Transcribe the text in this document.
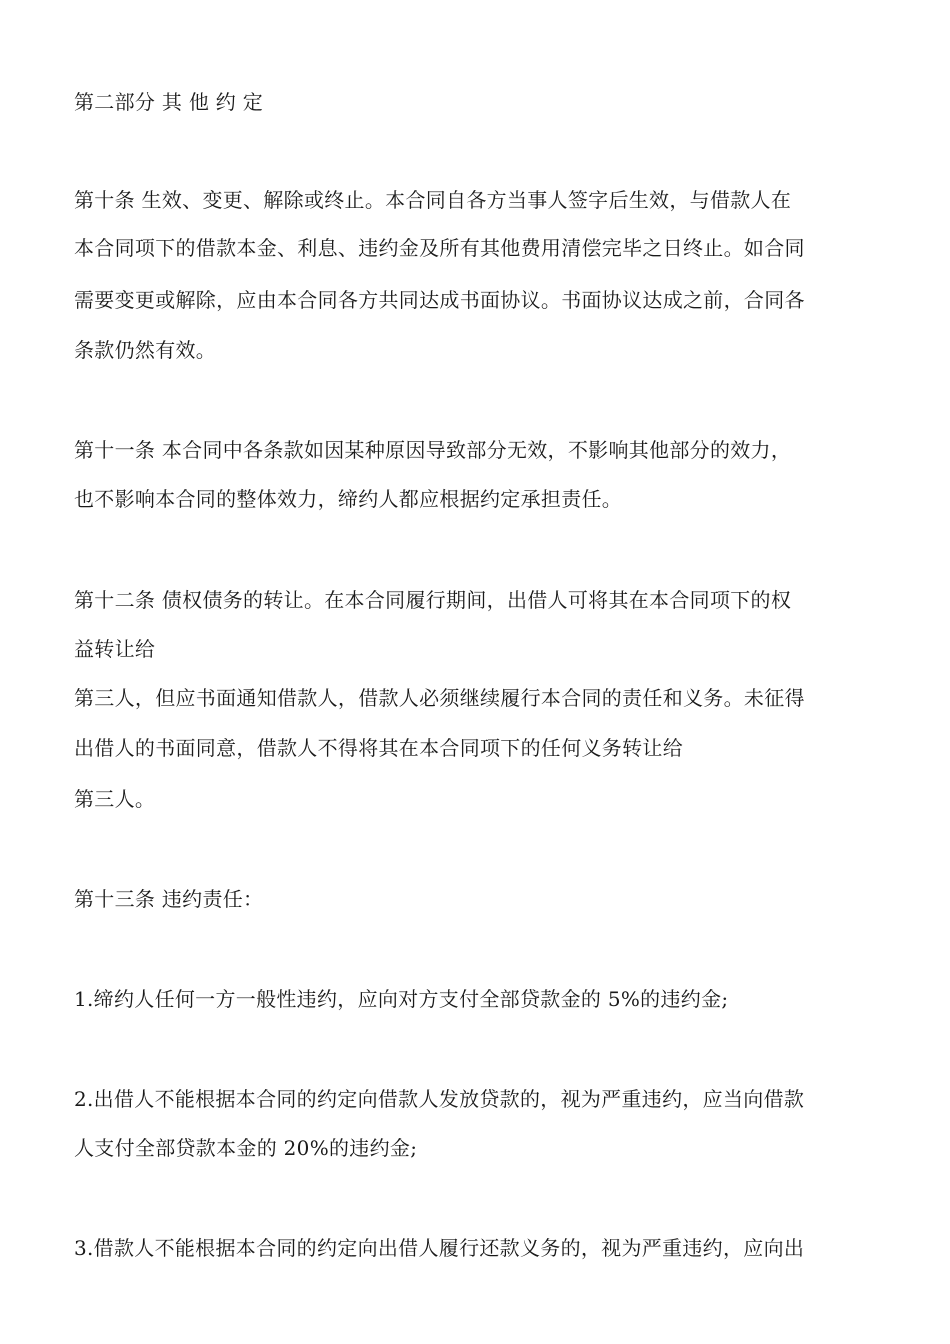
第二部分 其 他 约 定
第十条 生效、变更、解除或终止。本合同自各方当事人签字后生效，与借款人在
本合同项下的借款本金、利息、违约金及所有其他费用清偿完毕之日终止。如合同
需要变更或解除，应由本合同各方共同达成书面协议。书面协议达成之前，合同各
条款仍然有效。
第十一条 本合同中各条款如因某种原因导致部分无效，不影响其他部分的效力，
也不影响本合同的整体效力，缔约人都应根据约定承担责任。
第十二条 债权债务的转让。在本合同履行期间，出借人可将其在本合同项下的权
益转让给
第三人，但应书面通知借款人，借款人必须继续履行本合同的责任和义务。未征得
出借人的书面同意，借款人不得将其在本合同项下的任何义务转让给
第三人。
第十三条 违约责任：
1.缔约人任何一方一般性违约，应向对方支付全部贷款金的 5%的违约金;
2.出借人不能根据本合同的约定向借款人发放贷款的，视为严重违约，应当向借款
人支付全部贷款本金的 20%的违约金;
3.借款人不能根据本合同的约定向出借人履行还款义务的，视为严重违约，应向出
